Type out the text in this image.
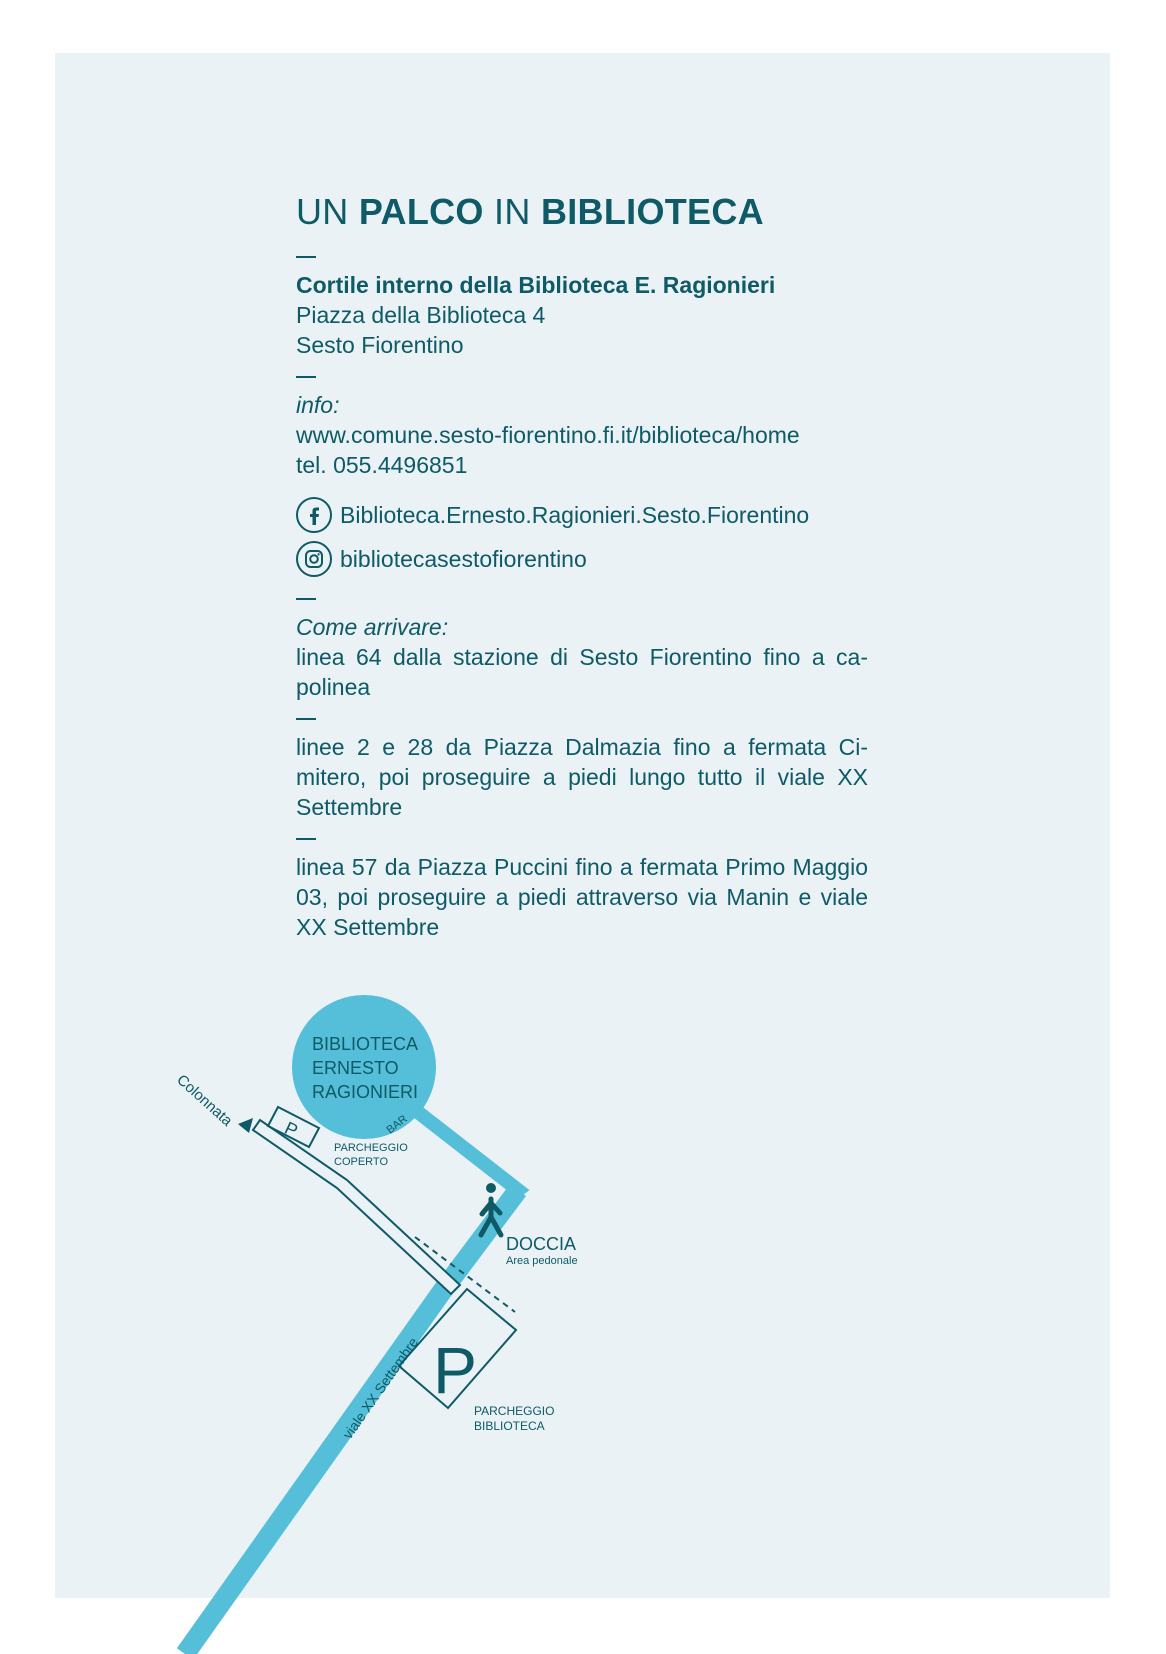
UN PALCO IN BIBLIOTECA
Cortile interno della Biblioteca E. Ragionieri
Piazza della Biblioteca 4
Sesto Fiorentino
info:
www.comune.sesto-fiorentino.fi.it/biblioteca/home
tel. 055.4496851
Biblioteca.Ernesto.Ragionieri.Sesto.Fiorentino
bibliotecasestofiorentino
Come arrivare:
linea 64 dalla stazione di Sesto Fiorentino fino a ca-polinea
linee 2 e 28 da Piazza Dalmazia fino a fermata Ci-mitero, poi proseguire a piedi lungo tutto il viale XX Settembre
linea 57 da Piazza Puccini fino a fermata Primo Maggio 03, poi proseguire a piedi attraverso via Manin e viale XX Settembre
BIBLIOTECA
ERNESTO
RAGIONIERI
BAR
Colonnata	P
PARCHEGGIO
COPERTO
DOCCIA
Area pedonale
P
PARCHEGGIO
BIBLIOTECA
viale XX Settembre
